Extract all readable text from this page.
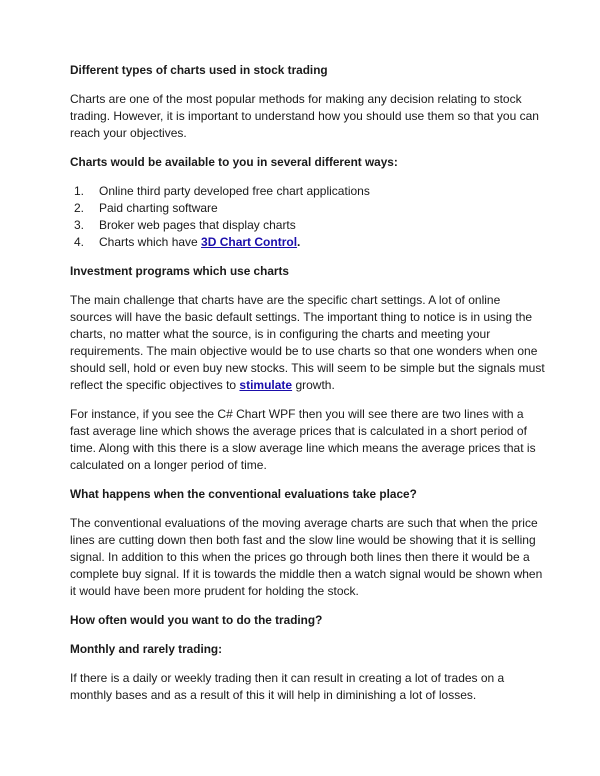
Different types of charts used in stock trading

Charts are one of the most popular methods for making any decision relating to stock trading. However, it is important to understand how you should use them so that you can reach your objectives.

Charts would be available to you in several different ways:

1.	Online third party developed free chart applications
2.	Paid charting software
3.	Broker web pages that display charts
4.	Charts which have 3D Chart Control.

Investment programs which use charts

The main challenge that charts have are the specific chart settings. A lot of online sources will have the basic default settings. The important thing to notice is in using the charts, no matter what the source, is in configuring the charts and meeting your requirements. The main objective would be to use charts so that one wonders when one should sell, hold or even buy new stocks. This will seem to be simple but the signals must reflect the specific objectives to stimulate growth.

For instance, if you see the C# Chart WPF then you will see there are two lines with a fast average line which shows the average prices that is calculated in a short period of time. Along with this there is a slow average line which means the average prices that is calculated on a longer period of time.

What happens when the conventional evaluations take place?

The conventional evaluations of the moving average charts are such that when the price lines are cutting down then both fast and the slow line would be showing that it is selling signal. In addition to this when the prices go through both lines then there it would be a complete buy signal. If it is towards the middle then a watch signal would be shown when it would have been more prudent for holding the stock.

How often would you want to do the trading?

Monthly and rarely trading:

If there is a daily or weekly trading then it can result in creating a lot of trades on a monthly bases and as a result of this it will help in diminishing a lot of losses.
